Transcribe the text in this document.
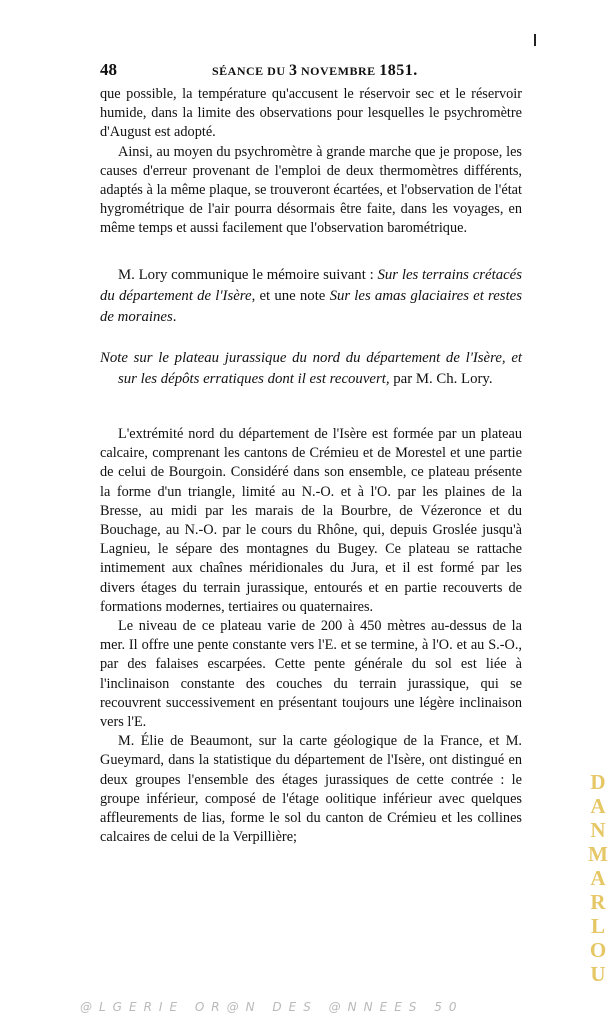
48	SÉANCE DU 3 NOVEMBRE 1851.

que possible, la température qu'accusent le réservoir sec et le réservoir humide, dans la limite des observations pour lesquelles le psychromètre d'August est adopté.

Ainsi, au moyen du psychromètre à grande marche que je propose, les causes d'erreur provenant de l'emploi de deux thermomètres différents, adaptés à la même plaque, se trouveront écartées, et l'observation de l'état hygrométrique de l'air pourra désormais être faite, dans les voyages, en même temps et aussi facilement que l'observation barométrique.

M. Lory communique le mémoire suivant : Sur les terrains crétacés du département de l'Isère, et une note Sur les amas glaciaires et restes de moraines.

Note sur le plateau jurassique du nord du département de l'Isère, et sur les dépôts erratiques dont il est recouvert, par M. Ch. Lory.

L'extrémité nord du département de l'Isère est formée par un plateau calcaire, comprenant les cantons de Crémieu et de Morestel et une partie de celui de Bourgoin. Considéré dans son ensemble, ce plateau présente la forme d'un triangle, limité au N.-O. et à l'O. par les plaines de la Bresse, au midi par les marais de la Bourbre, de Vézeronce et du Bouchage, au N.-O. par le cours du Rhône, qui, depuis Groslée jusqu'à Lagnieu, le sépare des montagnes du Bugey. Ce plateau se rattache intimement aux chaînes méridionales du Jura, et il est formé par les divers étages du terrain jurassique, entourés et en partie recouverts de formations modernes, tertiaires ou quaternaires.

Le niveau de ce plateau varie de 200 à 450 mètres au-dessus de la mer. Il offre une pente constante vers l'E. et se termine, à l'O. et au S.-O., par des falaises escarpées. Cette pente générale du sol est liée à l'inclinaison constante des couches du terrain jurassique, qui se recouvrent successivement en présentant toujours une légère inclinaison vers l'E.

M. Élie de Beaumont, sur la carte géologique de la France, et M. Gueymard, dans la statistique du département de l'Isère, ont distingué en deux groupes l'ensemble des étages jurassiques de cette contrée : le groupe inférieur, composé de l'étage oolitique inférieur avec quelques affleurements de lias, forme le sol du canton de Crémieu et les collines calcaires de celui de la Verpillière;

DANMARLOU
@LGERIE OR@N DES @NNEES 50
